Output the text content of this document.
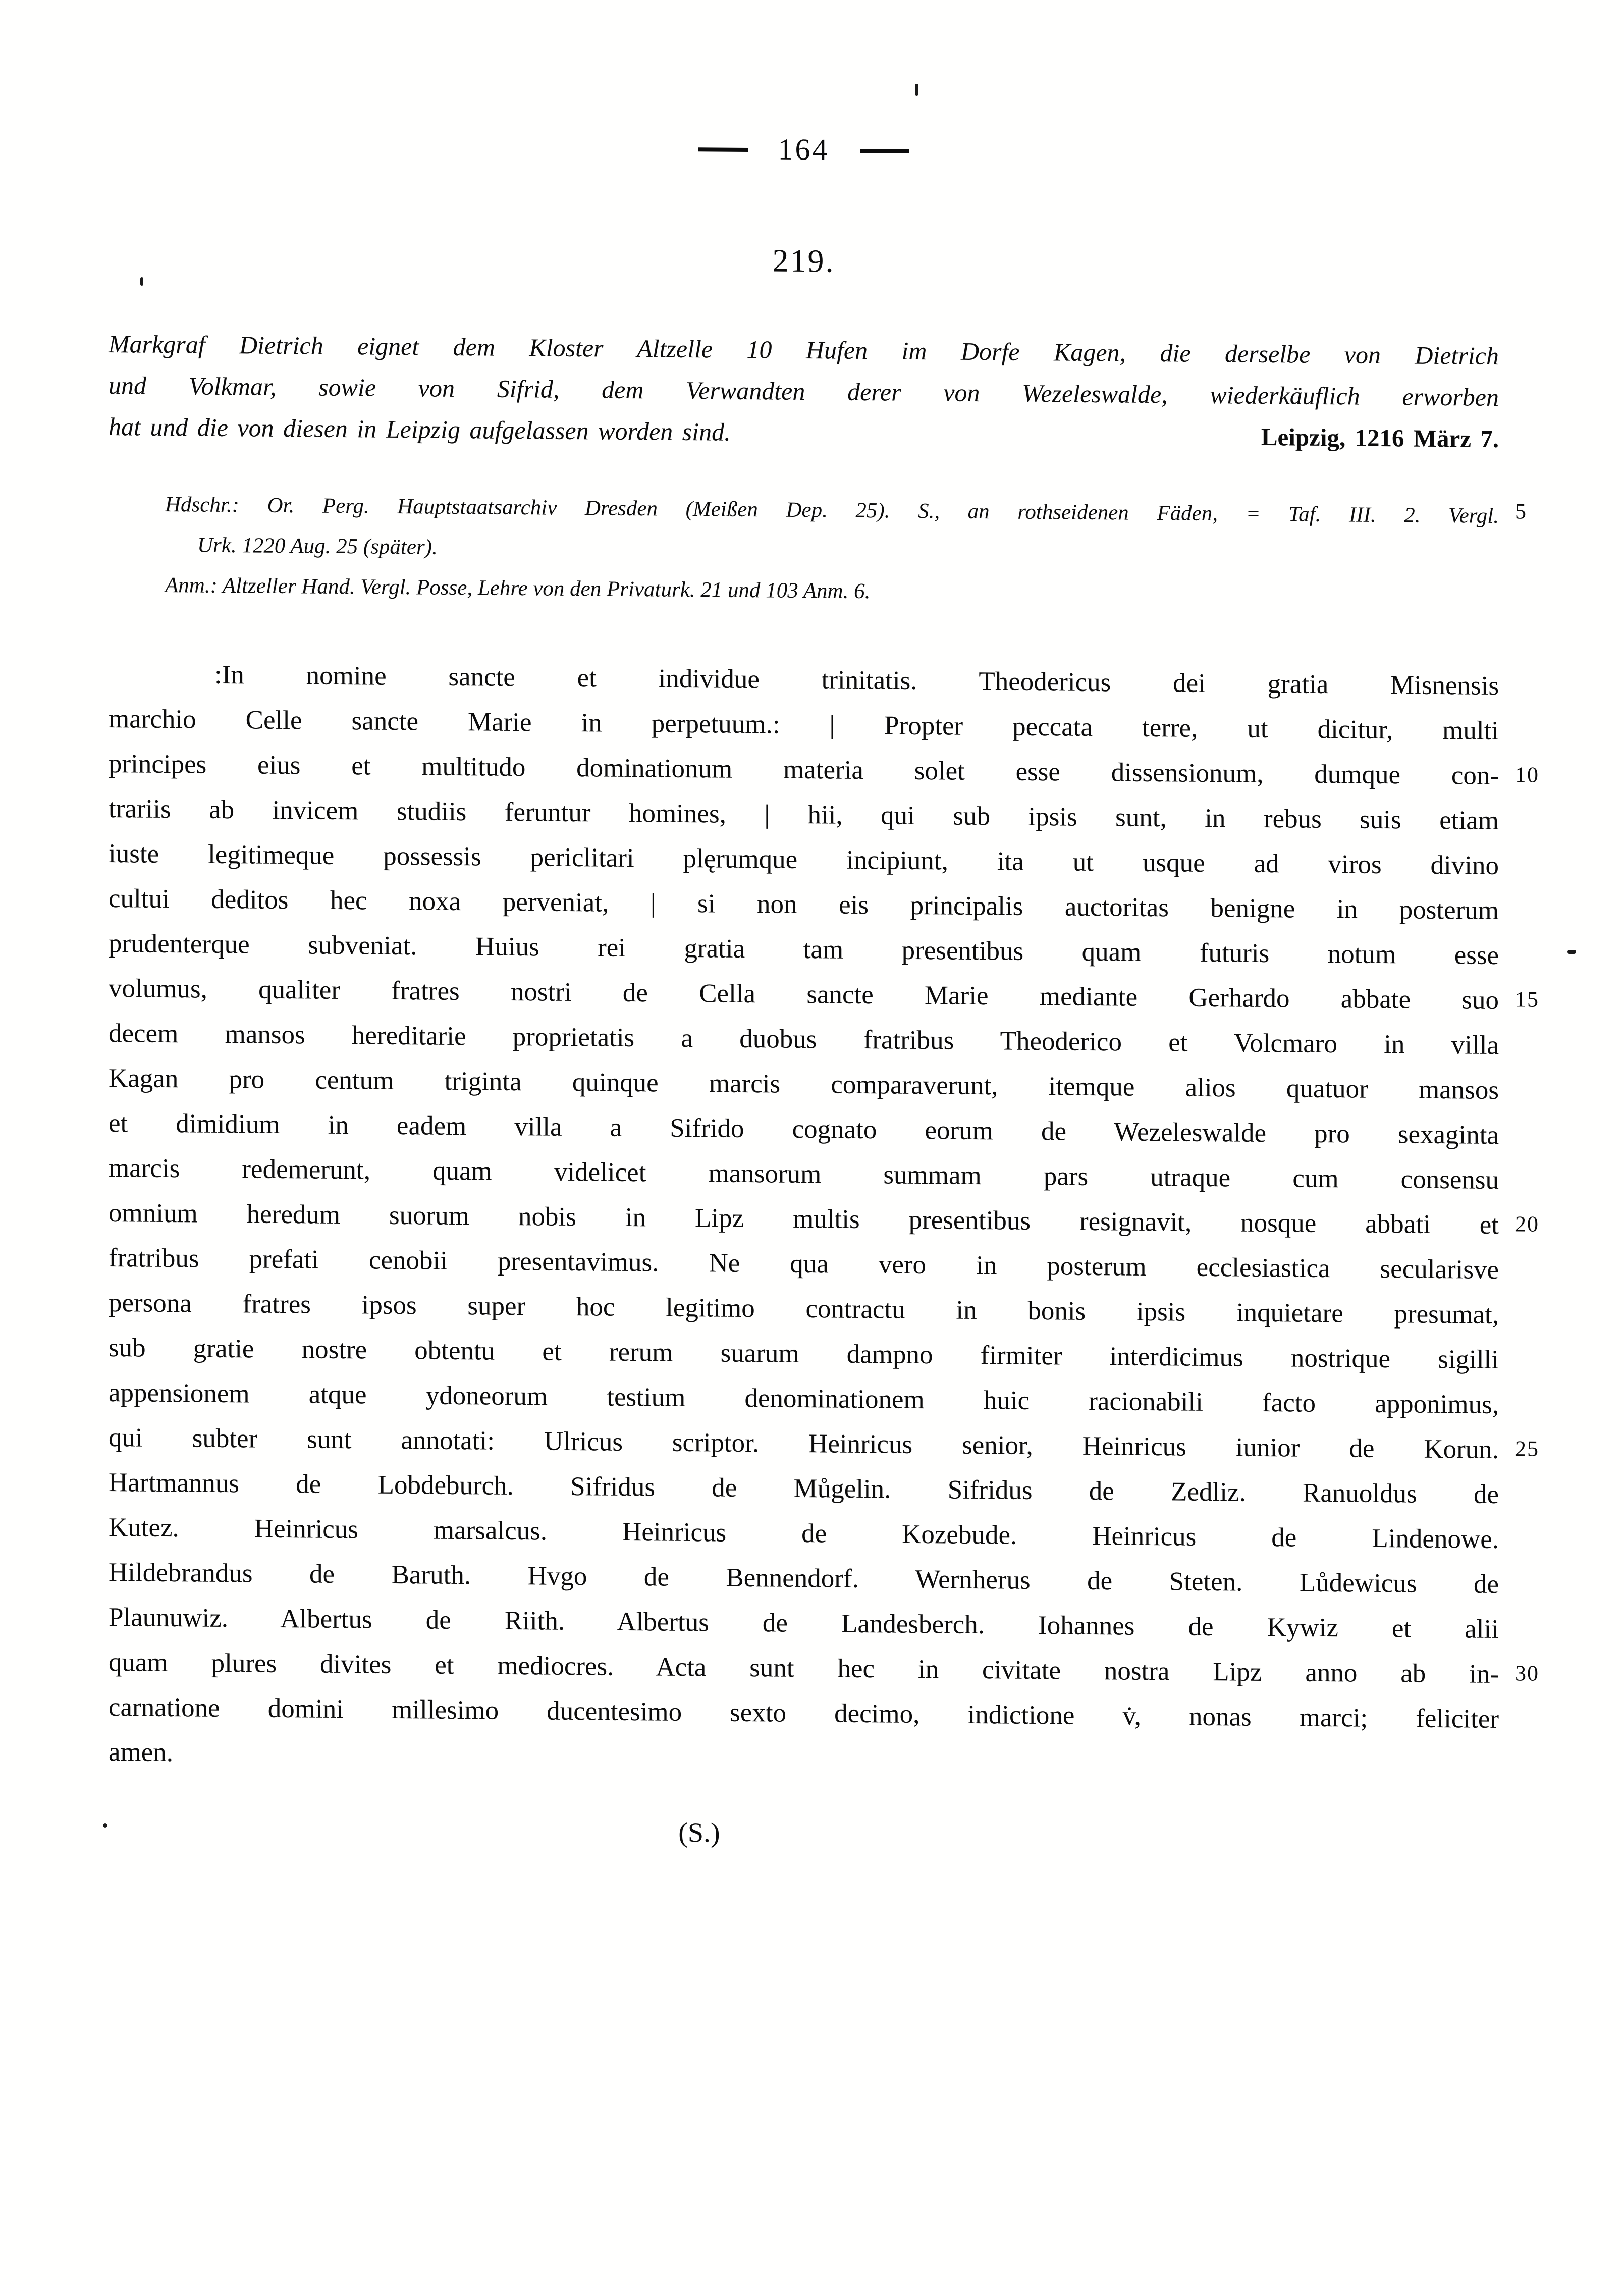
164
219.
Markgraf Dietrich eignet dem Kloster Altzelle 10 Hufen im Dorfe Kagen, die derselbe von Dietrich
und Volkmar, sowie von Sifrid, dem Verwandten derer von Wezeleswalde, wiederkäuflich erworben
hat und die von diesen in Leipzig aufgelassen worden sind.	Leipzig, 1216 März 7.
Hdschr.: Or. Perg. Hauptstaatsarchiv Dresden (Meißen Dep. 25). S., an rothseidenen Fäden, = Taf. III. 2. Vergl. 5
Urk. 1220 Aug. 25 (später).
Anm.: Altzeller Hand. Vergl. Posse, Lehre von den Privaturk. 21 und 103 Anm. 6.
:In nomine sancte et individue trinitatis. Theodericus dei gratia Misnensis
marchio Celle sancte Marie in perpetuum.: | Propter peccata terre, ut dicitur, multi
principes eius et multitudo dominationum materia solet esse dissensionum, dumque con- 10
trariis ab invicem studiis feruntur homines, | hii, qui sub ipsis sunt, in rebus suis etiam
iuste legitimeque possessis periclitari plęrumque incipiunt, ita ut usque ad viros divino
cultui deditos hec noxa perveniat, | si non eis principalis auctoritas benigne in posterum
prudenterque subveniat. Huius rei gratia tam presentibus quam futuris notum esse
volumus, qualiter fratres nostri de Cella sancte Marie mediante Gerhardo abbate suo 15
decem mansos hereditarie proprietatis a duobus fratribus Theoderico et Volcmaro in villa
Kagan pro centum triginta quinque marcis comparaverunt, itemque alios quatuor mansos
et dimidium in eadem villa a Sifrido cognato eorum de Wezeleswalde pro sexaginta
marcis redemerunt, quam videlicet mansorum summam pars utraque cum consensu
omnium heredum suorum nobis in Lipz multis presentibus resignavit, nosque abbati et 20
fratribus prefati cenobii presentavimus. Ne qua vero in posterum ecclesiastica secularisve
persona fratres ipsos super hoc legitimo contractu in bonis ipsis inquietare presumat,
sub gratie nostre obtentu et rerum suarum dampno firmiter interdicimus nostrique sigilli
appensionem atque ydoneorum testium denominationem huic racionabili facto apponimus,
qui subter sunt annotati: Ulricus scriptor. Heinricus senior, Heinricus iunior de Korun. 25
Hartmannus de Lobdeburch. Sifridus de Můgelin. Sifridus de Zedliz. Ranuoldus de
Kutez. Heinricus marsalcus. Heinricus de Kozebude. Heinricus de Lindenowe.
Hildebrandus de Baruth. Hvgo de Bennendorf. Wernherus de Steten. Lůdewicus de
Plaunuwiz. Albertus de Riith. Albertus de Landesberch. Iohannes de Kywiz et alii
quam plures divites et mediocres. Acta sunt hec in civitate nostra Lipz anno ab in- 30
carnatione domini millesimo ducentesimo sexto decimo, indictione v̇, nonas marci; feliciter
amen.
(S.)
